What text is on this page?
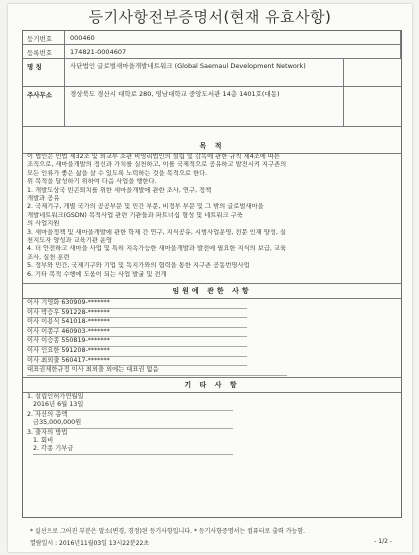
등기사항전부증명서(현재 유효사항)
등기번호	000460
등록번호	174821-0004607
명 칭	사단법인 글로벌새마을개발네트워크 (Global Saemaul Development Network)
주사무소	경상북도 경산시 대학로 280, 영남대학교 중앙도서관 14층 1401호(대동)
목 적
이 법인은 민법 제32조 및 외교부 소관 비영리법인의 설립 및 감독에 관한 규칙 제4조에 따른
조직으로, 새마을개발의 정신과 가치를 실천하고, 이를 국제적으로 공유하고 발전시켜 지구촌의
모든 인류가 좋은 삶을 살 수 있도록 노력하는 것을 목적으로 한다.
위 목적을 달성하기 위하여 다음 사업을 행한다.
1. 개발도상국 빈곤퇴치를 위한 새마을개발에 관한 조사, 연구, 정책
개발과 공유
2. 국제기구, 개별 국가의 공공부문 및 민간 부문, 비정부 부문 및 그 밖의 글로벌새마을
개발네트워크(GSDN) 목적사업 관련 기관들과 파트너십 형성 및 네트워크 구축
의 사업지원
3. 새마을정책 및 새마을개발에 관한 학제 간 연구, 지식공유, 시범사업운영, 전문 인재 양성, 실
천지도자 양성과 교육기관 운영
4. 더 안전하고 새마을 사업 및 특히 지속가능한 새마을개발과 발전에 필요한 지식의 보급, 교육
조사, 실천 훈련
5. 정부와 민간, 국제기구와 기업 및 독지가와의 협력을 통한 지구촌 공동번영사업
6. 기타 목적 수행에 도움이 되는 사업 발굴 및 전개
임원에 관한 사항
이사 기영화 630909-*******
이사 박승우 591228-*******
이사 이용식 541018-*******
이사 이종구 460903-*******
이사 이승종 550819-*******
이사 인요한 591208-*******
이사 최외출 560417-*******
대표권제한규정 이사 최외출 외에는 대표권 없음
기 타 사 항
1. 설립인허가연월일
2016년 6월 13일
2. 자산의 총액
금35,000,000원
3. 출자의 방법
1. 회비
2. 각종 기부금
* 실선으로 그어진 부분은 말소(변경, 경정)된 등기사항입니다. * 등기사항증명서는 컴퓨터로 출력 가능함.
열람일시 : 2016년11월03일 13시22분22초	- 1/2 -
